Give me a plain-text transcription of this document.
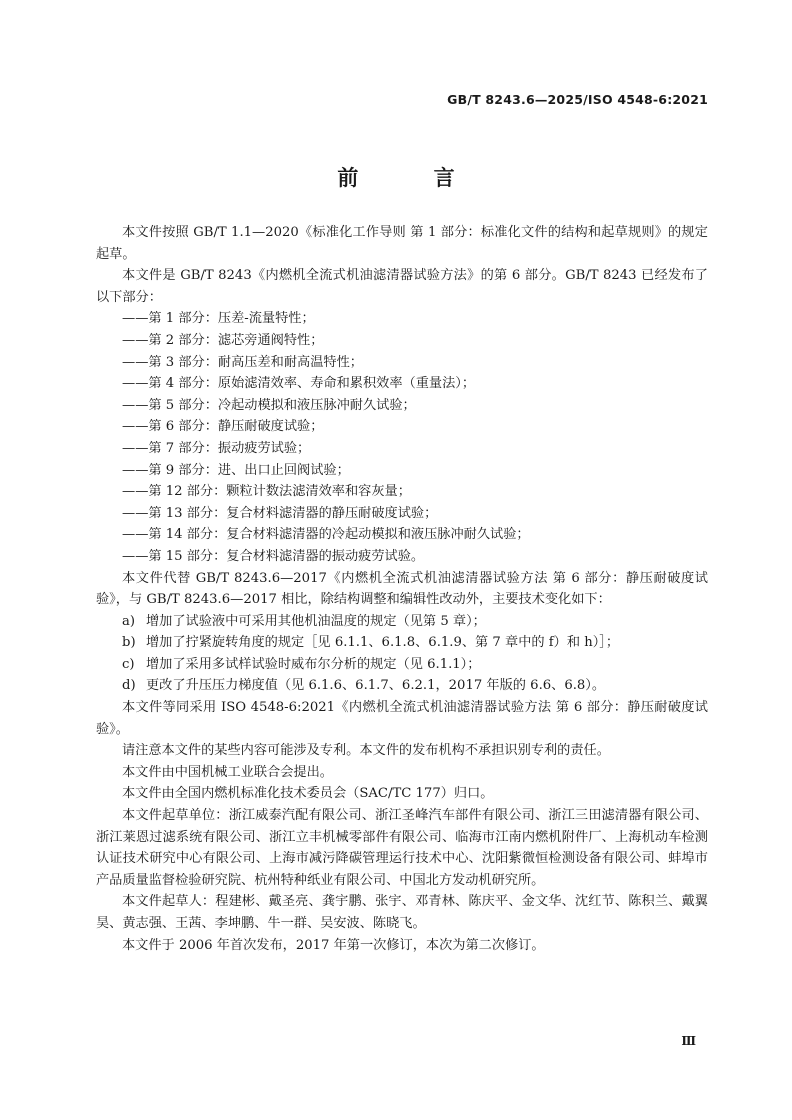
GB/T 8243.6—2025/ISO 4548-6:2021
前 言

本文件按照 GB/T 1.1—2020《标准化工作导则 第 1 部分：标准化文件的结构和起草规则》的规定起草。

本文件是 GB/T 8243《内燃机全流式机油滤清器试验方法》的第 6 部分。GB/T 8243 已经发布了以下部分：

——第 1 部分：压差-流量特性；

——第 2 部分：滤芯旁通阀特性；

——第 3 部分：耐高压差和耐高温特性；

——第 4 部分：原始滤清效率、寿命和累积效率（重量法）；

——第 5 部分：冷起动模拟和液压脉冲耐久试验；

——第 6 部分：静压耐破度试验；

——第 7 部分：振动疲劳试验；

——第 9 部分：进、出口止回阀试验；

——第 12 部分：颗粒计数法滤清效率和容灰量；

——第 13 部分：复合材料滤清器的静压耐破度试验；

——第 14 部分：复合材料滤清器的冷起动模拟和液压脉冲耐久试验；

——第 15 部分：复合材料滤清器的振动疲劳试验。

本文件代替 GB/T 8243.6—2017《内燃机全流式机油滤清器试验方法 第 6 部分：静压耐破度试验》，与 GB/T 8243.6—2017 相比，除结构调整和编辑性改动外，主要技术变化如下：

a) 增加了试验液中可采用其他机油温度的规定（见第 5 章）；

b) 增加了拧紧旋转角度的规定［见 6.1.1、6.1.8、6.1.9、第 7 章中的 f）和 h）］；

c) 增加了采用多试样试验时威布尔分析的规定（见 6.1.1）；

d) 更改了升压压力梯度值（见 6.1.6、6.1.7、6.2.1，2017 年版的 6.6、6.8）。

本文件等同采用 ISO 4548-6:2021《内燃机全流式机油滤清器试验方法 第 6 部分：静压耐破度试验》。

请注意本文件的某些内容可能涉及专利。本文件的发布机构不承担识别专利的责任。

本文件由中国机械工业联合会提出。

本文件由全国内燃机标准化技术委员会（SAC/TC 177）归口。

本文件起草单位：浙江威泰汽配有限公司、浙江圣峰汽车部件有限公司、浙江三田滤清器有限公司、浙江莱恩过滤系统有限公司、浙江立丰机械零部件有限公司、临海市江南内燃机附件厂、上海机动车检测认证技术研究中心有限公司、上海市减污降碳管理运行技术中心、沈阳紫微恒检测设备有限公司、蚌埠市产品质量监督检验研究院、杭州特种纸业有限公司、中国北方发动机研究所。

本文件起草人：程建彬、戴圣亮、龚宇鹏、张宇、邓青林、陈庆平、金文华、沈红节、陈积兰、戴翼昊、黄志强、王茜、李坤鹏、牛一群、吴安波、陈晓飞。

本文件于 2006 年首次发布，2017 年第一次修订，本次为第二次修订。

Ⅲ
